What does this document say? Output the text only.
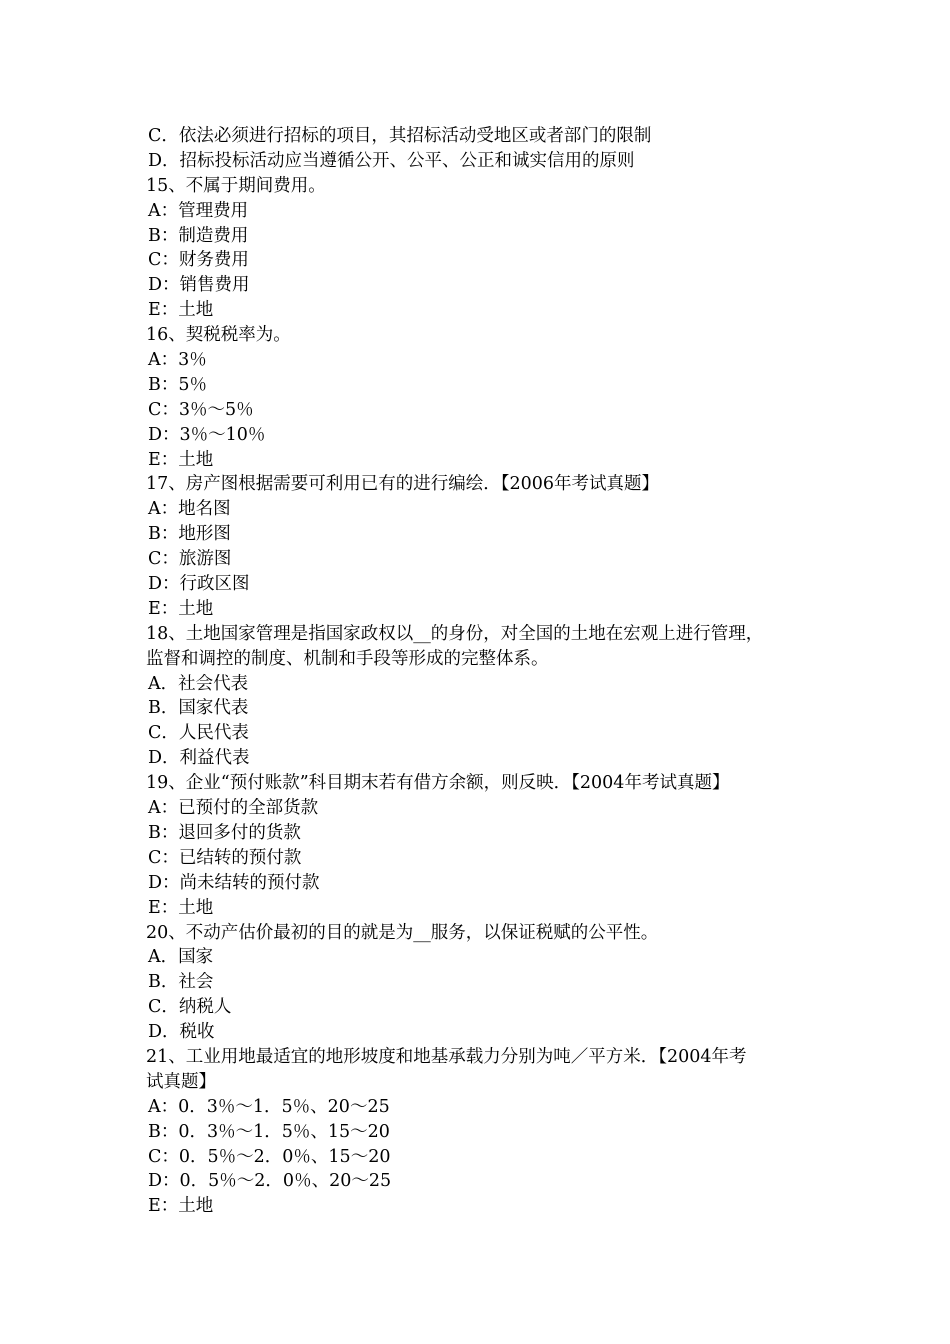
C．依法必须进行招标的项目，其招标活动受地区或者部门的限制
D．招标投标活动应当遵循公开、公平、公正和诚实信用的原则
15、不属于期间费用。
A：管理费用
B：制造费用
C：财务费用
D：销售费用
E：土地
16、契税税率为。
A：3％
B：5％
C：3％～5％
D：3％～10％
E：土地
17、房产图根据需要可利用已有的进行编绘．【2006年考试真题】
A：地名图
B：地形图
C：旅游图
D：行政区图
E：土地
18、土地国家管理是指国家政权以__的身份，对全国的土地在宏观上进行管理，
监督和调控的制度、机制和手段等形成的完整体系。
A．社会代表
B．国家代表
C．人民代表
D．利益代表
19、企业“预付账款”科目期末若有借方余额，则反映．【2004年考试真题】
A：已预付的全部货款
B：退回多付的货款
C：已结转的预付款
D：尚未结转的预付款
E：土地
20、不动产估价最初的目的就是为__服务，以保证税赋的公平性。
A．国家
B．社会
C．纳税人
D．税收
21、工业用地最适宜的地形坡度和地基承载力分别为吨／平方米．【2004年考
试真题】
A：0．3％～1．5％、20～25
B：0．3％～1．5％、15～20
C：0．5％～2．0％、15～20
D：0．5％～2．0％、20～25
E：土地
